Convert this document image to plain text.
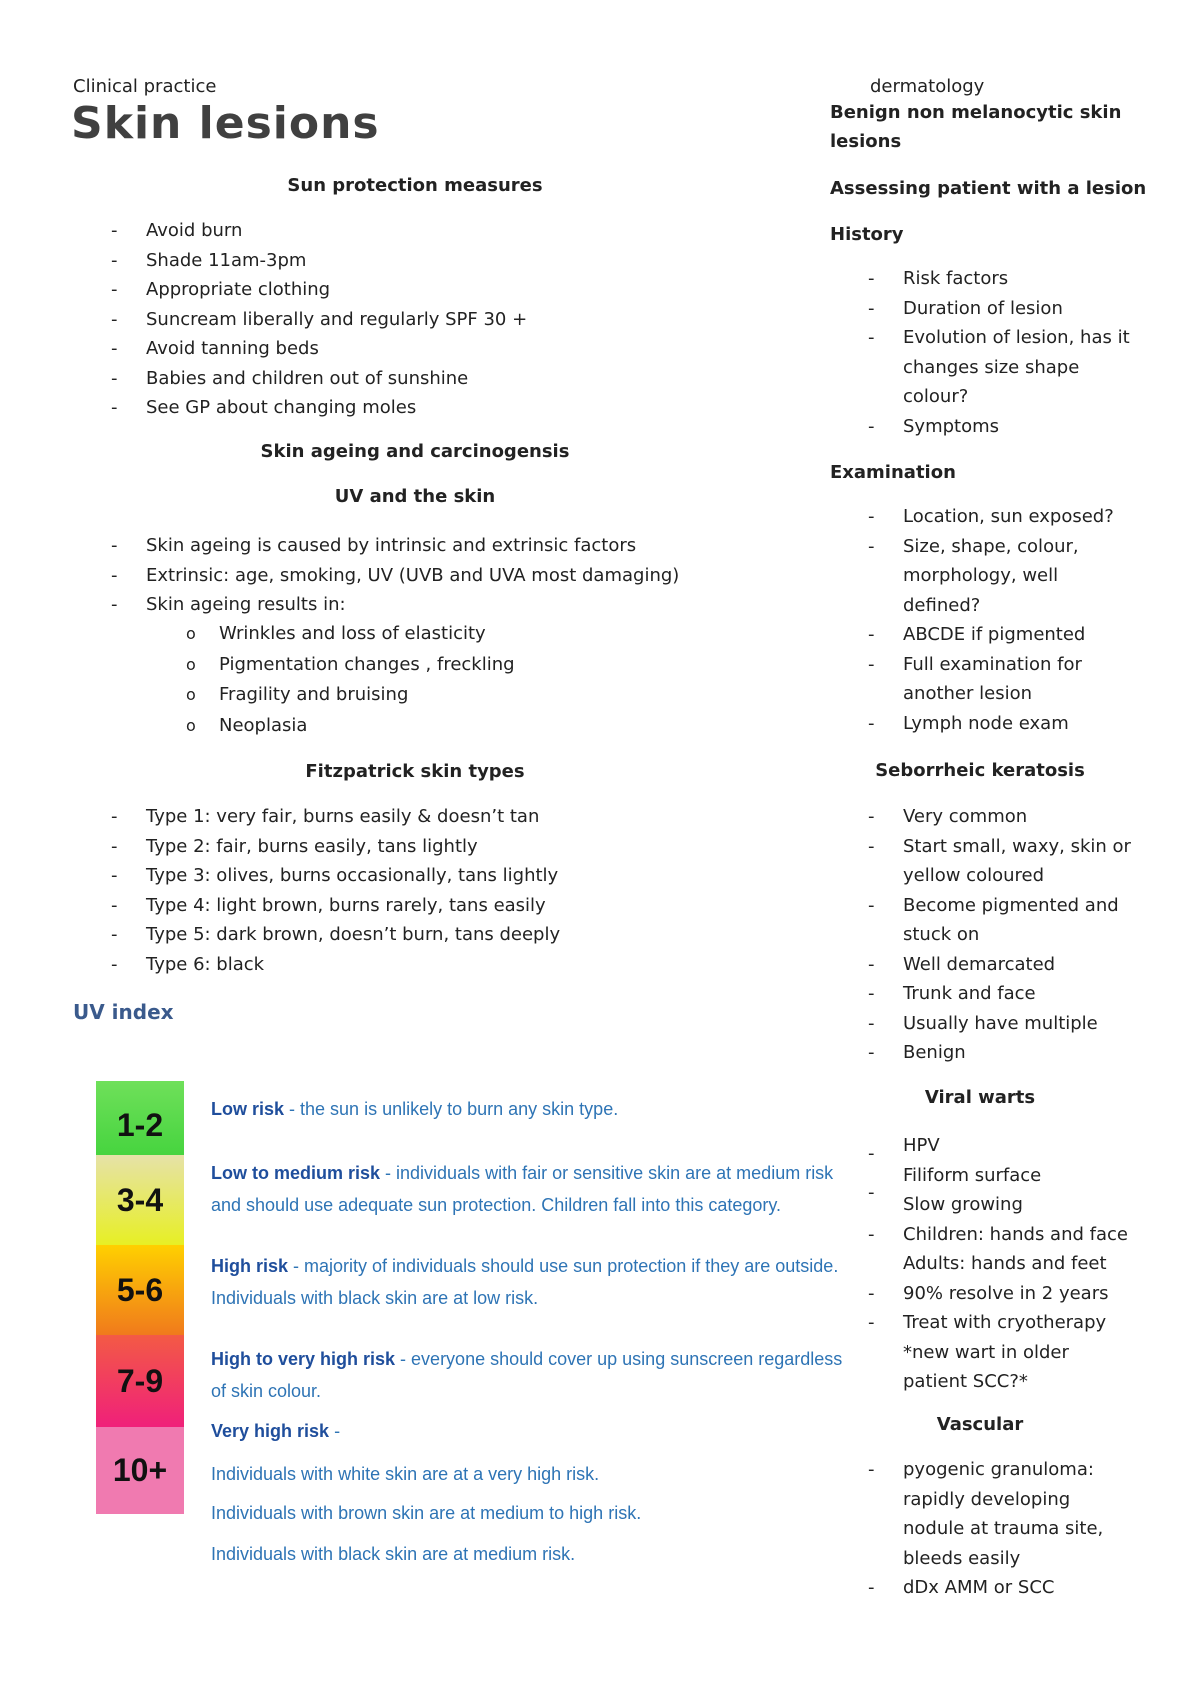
Clinical practice
Skin lesions
Sun protection measures
- Avoid burn
- Shade 11am-3pm
- Appropriate clothing
- Suncream liberally and regularly SPF 30 +
- Avoid tanning beds
- Babies and children out of sunshine
- See GP about changing moles
Skin ageing and carcinogensis
UV and the skin
- Skin ageing is caused by intrinsic and extrinsic factors
- Extrinsic: age, smoking, UV (UVB and UVA most damaging)
- Skin ageing results in:
o Wrinkles and loss of elasticity
o Pigmentation changes , freckling
o Fragility and bruising
o Neoplasia
Fitzpatrick skin types
- Type 1: very fair, burns easily & doesn’t tan
- Type 2: fair, burns easily, tans lightly
- Type 3: olives, burns occasionally, tans lightly
- Type 4: light brown, burns rarely, tans easily
- Type 5: dark brown, doesn’t burn, tans deeply
- Type 6: black
UV index
1-2
3-4
5-6
7-9
10+
Low risk - the sun is unlikely to burn any skin type.
Low to medium risk - individuals with fair or sensitive skin are at medium risk
and should use adequate sun protection. Children fall into this category.
High risk - majority of individuals should use sun protection if they are outside.
Individuals with black skin are at low risk.
High to very high risk - everyone should cover up using sunscreen regardless
of skin colour.
Very high risk -
Individuals with white skin are at a very high risk.
Individuals with brown skin are at medium to high risk.
Individuals with black skin are at medium risk.
dermatology
Benign non melanocytic skin
lesions
Assessing patient with a lesion
History
- Risk factors
- Duration of lesion
- Evolution of lesion, has it
changes size shape
colour?
- Symptoms
Examination
- Location, sun exposed?
- Size, shape, colour,
morphology, well
defined?
- ABCDE if pigmented
- Full examination for
another lesion
- Lymph node exam
Seborrheic keratosis
- Very common
- Start small, waxy, skin or
yellow coloured
- Become pigmented and
stuck on
- Well demarcated
- Trunk and face
- Usually have multiple
- Benign
Viral warts
- HPV
Filiform surface
-
Slow growing
- Children: hands and face
Adults: hands and feet
- 90% resolve in 2 years
- Treat with cryotherapy
*new wart in older
patient SCC?*
Vascular
- pyogenic granuloma:
rapidly developing
nodule at trauma site,
bleeds easily
- dDx AMM or SCC
